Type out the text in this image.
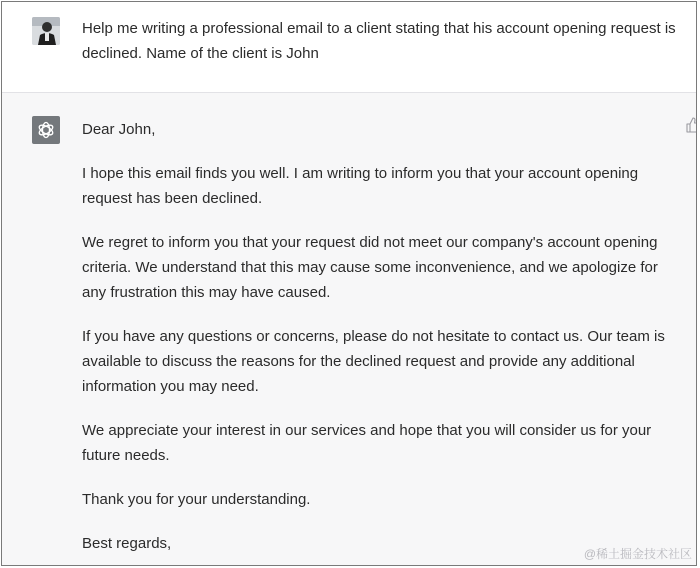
Help me writing a professional email to a client stating that his account opening request is declined. Name of the client is John

Dear John,

I hope this email finds you well. I am writing to inform you that your account opening request has been declined.

We regret to inform you that your request did not meet our company's account opening criteria. We understand that this may cause some inconvenience, and we apologize for any frustration this may have caused.

If you have any questions or concerns, please do not hesitate to contact us. Our team is available to discuss the reasons for the declined request and provide any additional information you may need.

We appreciate your interest in our services and hope that you will consider us for your future needs.

Thank you for your understanding.

Best regards,

@稀土掘金技术社区
